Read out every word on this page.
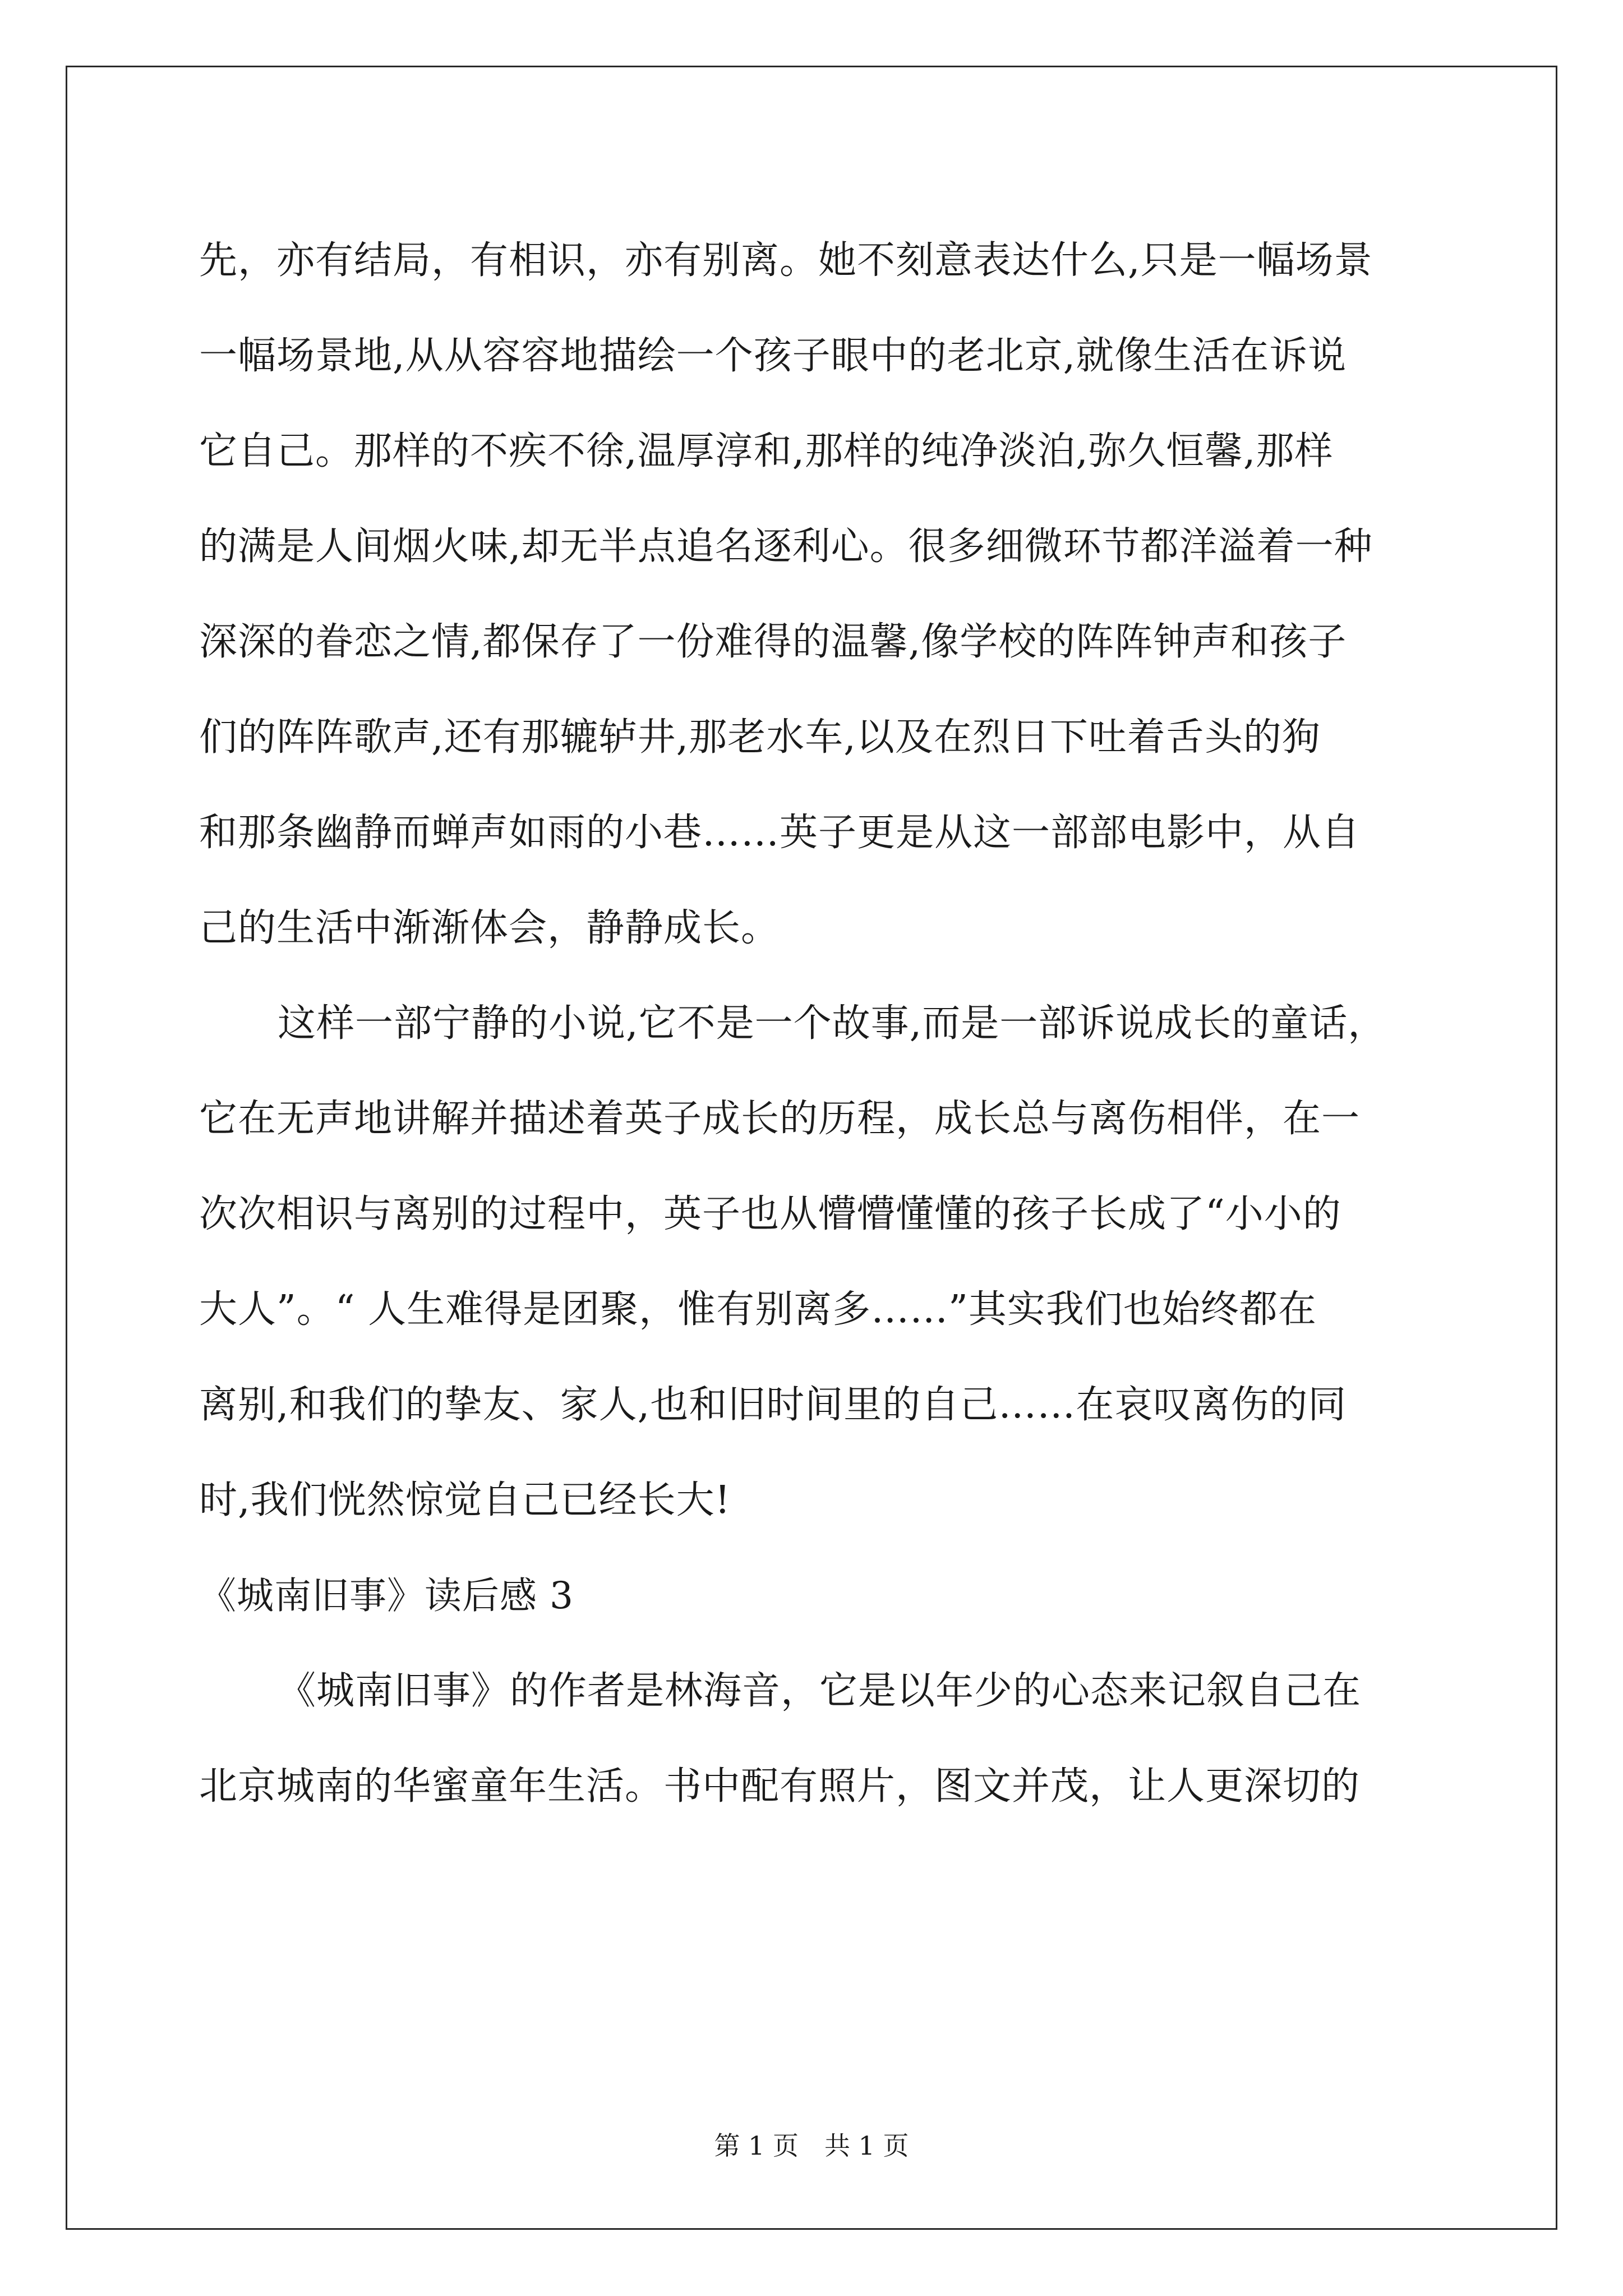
先，亦有结局，有相识，亦有别离。她不刻意表达什么,只是一幅场景
一幅场景地,从从容容地描绘一个孩子眼中的老北京,就像生活在诉说
它自己。那样的不疾不徐,温厚淳和,那样的纯净淡泊,弥久恒馨,那样
的满是人间烟火味,却无半点追名逐利心。很多细微环节都洋溢着一种
深深的眷恋之情,都保存了一份难得的温馨,像学校的阵阵钟声和孩子
们的阵阵歌声,还有那辘轳井,那老水车,以及在烈日下吐着舌头的狗
和那条幽静而蝉声如雨的小巷……英子更是从这一部部电影中，从自
己的生活中渐渐体会，静静成长。
这样一部宁静的小说,它不是一个故事,而是一部诉说成长的童话，
它在无声地讲解并描述着英子成长的历程，成长总与离伤相伴，在一
次次相识与离别的过程中，英子也从懵懵懂懂的孩子长成了“小小的
大人”。“ 人生难得是团聚，惟有别离多……”其实我们也始终都在
离别,和我们的挚友、家人,也和旧时间里的自己……在哀叹离伤的同
时,我们恍然惊觉自己已经长大!
《城南旧事》读后感 3
《城南旧事》的作者是林海音，它是以年少的心态来记叙自己在
北京城南的华蜜童年生活。书中配有照片，图文并茂，让人更深切的
第 1 页　共 1 页
